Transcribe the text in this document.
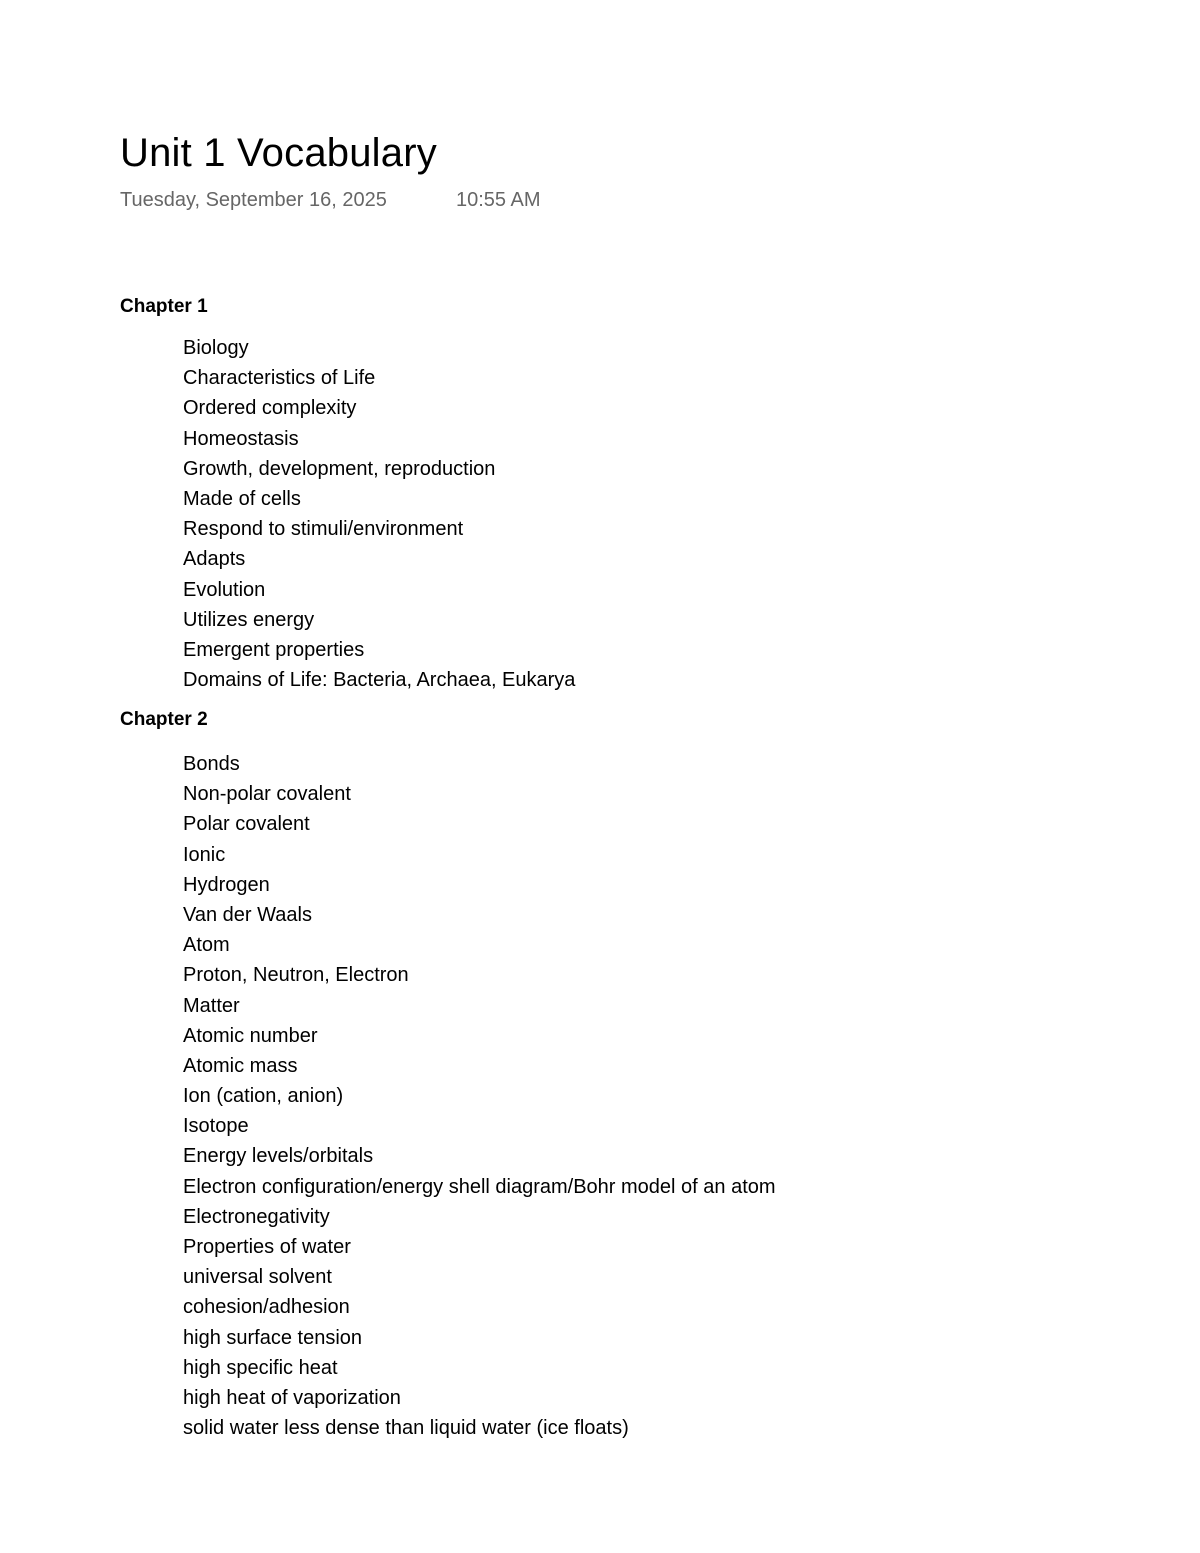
Unit 1 Vocabulary
Tuesday, September 16, 2025	10:55 AM
Chapter 1
Biology
Characteristics of Life
Ordered complexity
Homeostasis
Growth, development, reproduction
Made of cells
Respond to stimuli/environment
Adapts
Evolution
Utilizes energy
Emergent properties
Domains of Life: Bacteria, Archaea, Eukarya
Chapter 2
Bonds
Non-polar covalent
Polar covalent
Ionic
Hydrogen
Van der Waals
Atom
Proton, Neutron, Electron
Matter
Atomic number
Atomic mass
Ion (cation, anion)
Isotope
Energy levels/orbitals
Electron configuration/energy shell diagram/Bohr model of an atom
Electronegativity
Properties of water
universal solvent
cohesion/adhesion
high surface tension
high specific heat
high heat of vaporization
solid water less dense than liquid water (ice floats)
